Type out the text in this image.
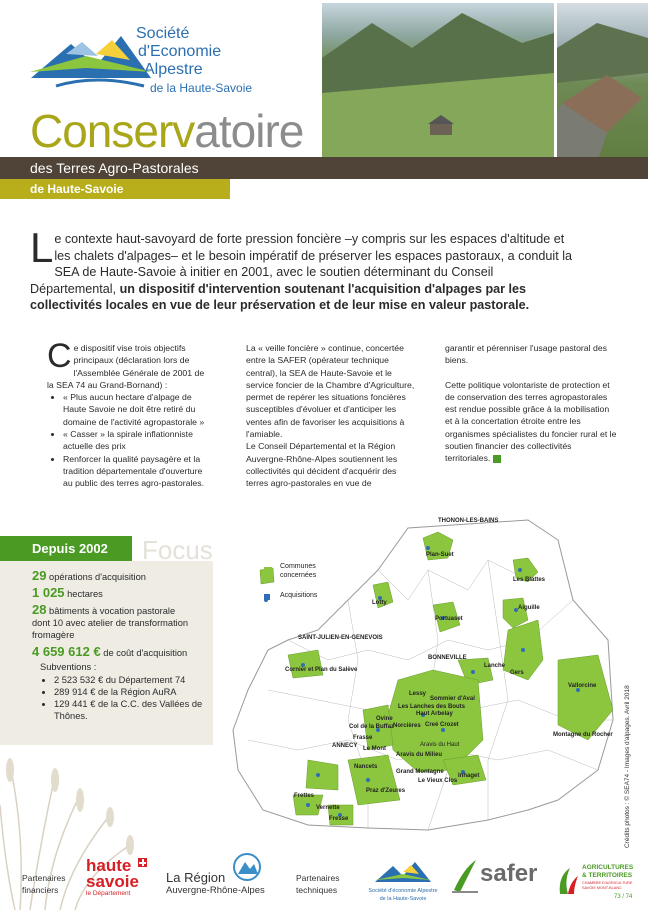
Société
d'Economie
Alpestre
de la Haute-Savoie
Conservatoire
des Terres Agro-Pastorales
de Haute-Savoie
Le contexte haut-savoyard de forte pression foncière –y compris sur les espaces d'altitude et les chalets d'alpages– et le besoin impératif de préserver les espaces pastoraux, a conduit la SEA de Haute-Savoie à initier en 2001, avec le soutien déterminant du Conseil Départemental, un dispositif d'intervention soutenant l'acquisition d'alpages par les collectivités locales en vue de leur préservation et de leur mise en valeur pastorale.
Ce dispositif vise trois objectifs principaux (déclaration lors de l'Assemblée Générale de 2001 de la SEA 74 au Grand-Bornand) :
• « Plus aucun hectare d'alpage de Haute Savoie ne doit être retiré du domaine de l'activité agropastorale »
• « Casser » la spirale inflationniste actuelle des prix
• Renforcer la qualité paysagère et la tradition départementale d'ouverture au public des terres agro-pastorales.
La « veille foncière » continue, concertée entre la SAFER (opérateur technique central), la SEA de Haute-Savoie et le service foncier de la Chambre d'Agriculture, permet de repérer les situations foncières susceptibles d'évoluer et d'anticiper les ventes afin de favoriser les acquisitions à l'amiable.
Le Conseil Départemental et la Région Auvergne-Rhône-Alpes soutiennent les collectivités qui décident d'acquérir des terres agro-pastorales en vue de
garantir et pérenniser l'usage pastoral des biens.
Cette politique volontariste de protection et de conservation des terres agropastorales est rendue possible grâce à la mobilisation et à la concertation étroite entre les organismes spécialistes du foncier rural et le soutien financier des collectivités territoriales.
Depuis 2002 Focus
29 opérations d'acquisition
1 025 hectares
28 bâtiments à vocation pastorale
dont 10 avec atelier de transformation fromagère
4 659 612 € de coût d'acquisition
Subventions :
• 2 523 532 € du Département 74
• 289 914 € de la Région AuRA
• 129 441 € de la C.C. des Vallées de Thônes.
Communes concernées
Acquisitions
THONON-LES-BAINS
Plan-Suet
Les Blattes
Lotty
Aiguille
Portuaset
SAINT-JULIEN-EN-GENEVOIS
BONNEVILLE
Cornier et Plan du Salève
Lanche
Gers
Lessy
Sommier d'Aval
Les Lanches des Bouts
Haut Arbelay
Creé Crozet
Col de la Buffaz
Ovine
Norcières
Vallorcine
Frasse	Montagne du Rocher
ANNECY	Aravis du Haut
Aravis du Milieu
Le Mont
Nancets
Grand Montagne
Le Vieux Clos
Inhaget
Praz d'Zeures
Frettes
Vernette
Fresse	Crédits photos : © SEA74 - Images d'alpages. Avril 2018
Partenaires financiers
haute
savoie
le Département
La Région
Auvergne-Rhône-Alpes
Partenaires techniques	Société d'économie Alpestre
de la Haute-Savoie
safer	AGRICULTURES
& TERRITOIRES
CHAMBRE D'AGRICULTURE SAVOIE MONT-BLANC
73 / 74
